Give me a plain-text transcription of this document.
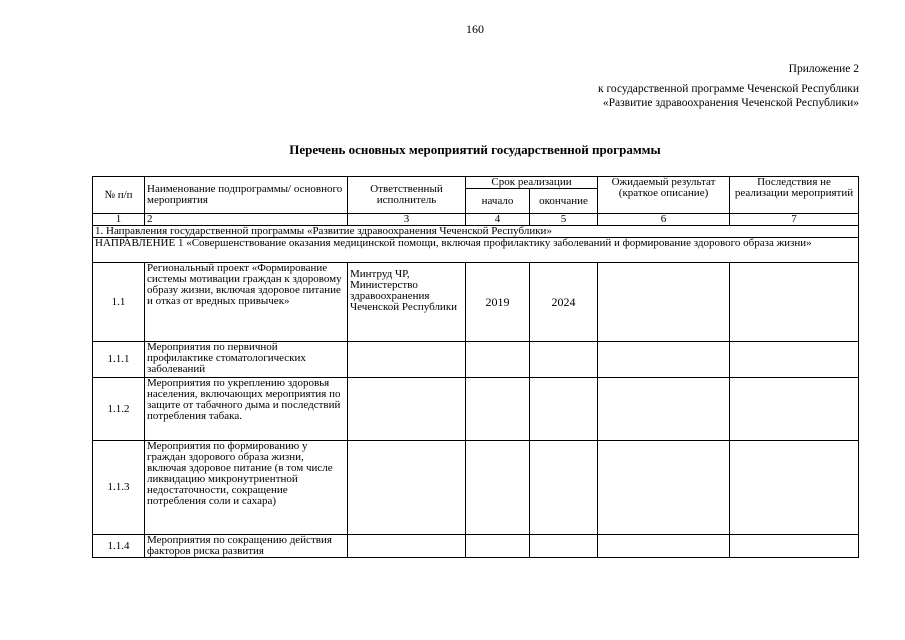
160
Приложение 2
к государственной программе Чеченской Республики
«Развитие здравоохранения Чеченской Республики»
Перечень основных мероприятий государственной программы
№ п/п	Наименование подпрограммы/ основного мероприятия	Ответственный исполнитель	Срок реализации		Ожидаемый результат (краткое описание)	Последствия не реализации мероприятий
			начало	окончание		
1	2	3	4	5	6	7
1. Направления государственной программы «Развитие здравоохранения Чеченской Республики»						
НАПРАВЛЕНИЕ 1 «Совершенствование оказания медицинской помощи, включая профилактику заболеваний и формирование здорового образа жизни»						
1.1	Региональный проект «Формирование системы мотивации граждан к здоровому образу жизни, включая здоровое питание и отказ от вредных привычек»	Минтруд ЧР, Министерство здравоохранения Чеченской Республики	2019	2024		
1.1.1	Мероприятия по первичной профилактике стоматологических заболеваний					
1.1.2	Мероприятия по укреплению здоровья населения, включающих мероприятия по защите от табачного дыма и последствий потребления табака.					
1.1.3	Мероприятия по формированию у граждан здорового образа жизни, включая здоровое питание (в том числе ликвидацию микронутриентной недостаточности, сокращение потребления соли и сахара)					
1.1.4	Мероприятия по сокращению действия факторов риска развития					
